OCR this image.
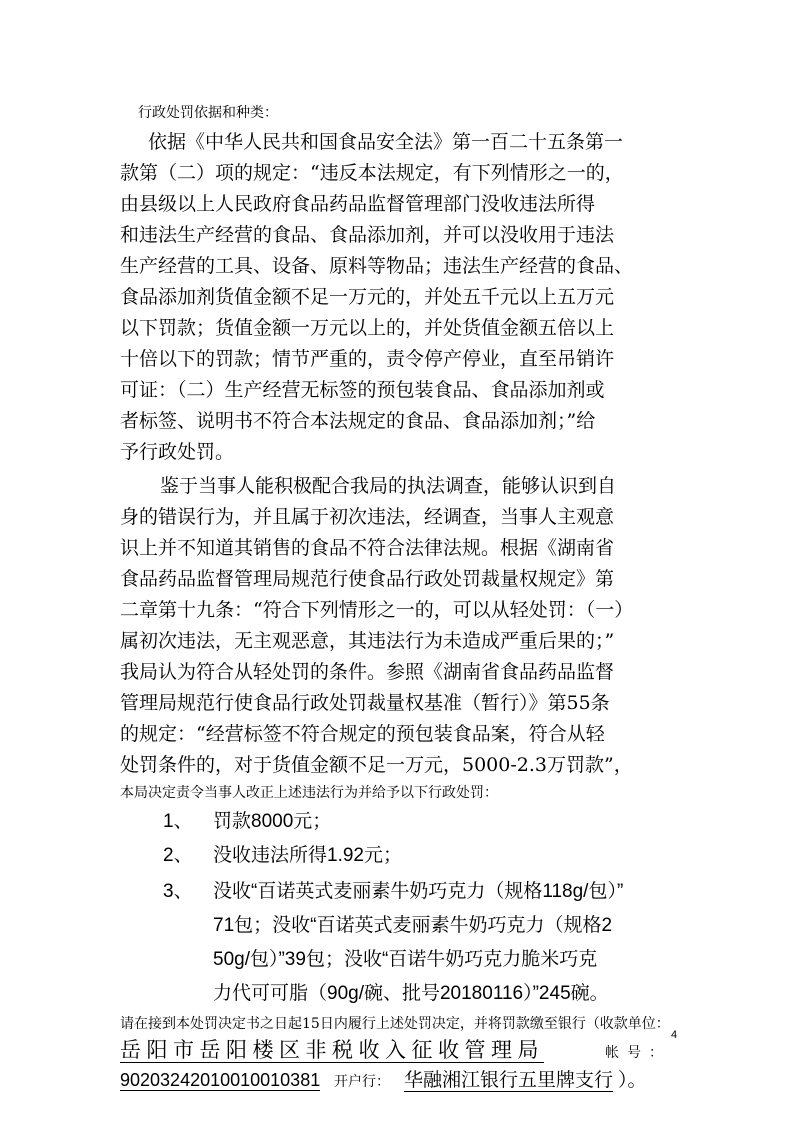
行政处罚依据和种类：
依据《中华人民共和国食品安全法》第一百二十五条第一
款第（二）项的规定：“违反本法规定，有下列情形之一的，
由县级以上人民政府食品药品监督管理部门没收违法所得
和违法生产经营的食品、食品添加剂，并可以没收用于违法
生产经营的工具、设备、原料等物品；违法生产经营的食品、
食品添加剂货值金额不足一万元的，并处五千元以上五万元
以下罚款；货值金额一万元以上的，并处货值金额五倍以上
十倍以下的罚款；情节严重的，责令停产停业，直至吊销许
可证：（二）生产经营无标签的预包装食品、食品添加剂或
者标签、说明书不符合本法规定的食品、食品添加剂；”给
予行政处罚。
鉴于当事人能积极配合我局的执法调查，能够认识到自
身的错误行为，并且属于初次违法，经调查，当事人主观意
识上并不知道其销售的食品不符合法律法规。根据《湖南省
食品药品监督管理局规范行使食品行政处罚裁量权规定》第
二章第十九条：“符合下列情形之一的，可以从轻处罚：（一）
属初次违法，无主观恶意，其违法行为未造成严重后果的；”
我局认为符合从轻处罚的条件。参照《湖南省食品药品监督
管理局规范行使食品行政处罚裁量权基准（暂行）》第55条
的规定：“经营标签不符合规定的预包装食品案，符合从轻
处罚条件的，对于货值金额不足一万元，5000-2.3万罚款”，
本局决定责令当事人改正上述违法行为并给予以下行政处罚：
1、 罚款8000元；
2、 没收违法所得1.92元；
3、 没收“百诺英式麦丽素牛奶巧克力（规格118g/包）”
71包；没收“百诺英式麦丽素牛奶巧克力（规格2
50g/包）”39包；没收“百诺牛奶巧克力脆米巧克
力代可可脂（90g/碗、批号20180116）”245碗。
请在接到本处罚决定书之日起15日内履行上述处罚决定，并将罚款缴至银行（收款单位：
岳阳市岳阳楼区非税收入征收管理局	帐号：
90203242010010010381 开户行： 华融湘江银行五里牌支行 ）。
4
